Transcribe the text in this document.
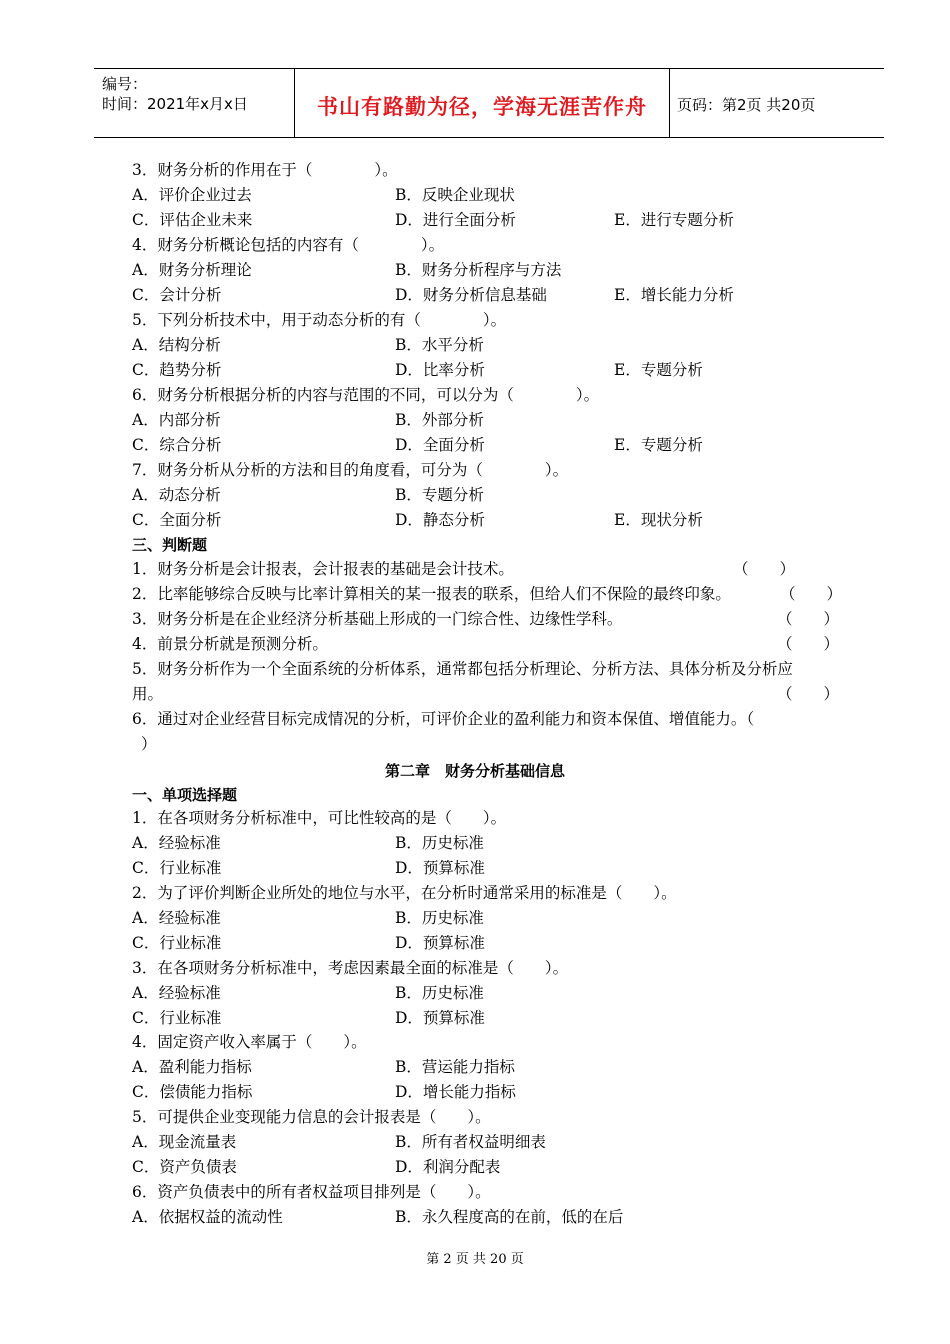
编号：
时间：2021年x月x日	书山有路勤为径，学海无涯苦作舟	页码：第2页 共20页
3．财务分析的作用在于（　　　　）。
A．评价企业过去	B．反映企业现状
C．评估企业未来	D．进行全面分析	E．进行专题分析
4．财务分析概论包括的内容有（　　　　）。
A．财务分析理论	B．财务分析程序与方法
C．会计分析	D．财务分析信息基础	E．增长能力分析
5．下列分析技术中，用于动态分析的有（　　　　）。
A．结构分析	B．水平分析
C．趋势分析	D．比率分析	E．专题分析
6．财务分析根据分析的内容与范围的不同，可以分为（　　　　）。
A．内部分析	B．外部分析
C．综合分析	D．全面分析	E．专题分析
7．财务分析从分析的方法和目的角度看，可分为（　　　　）。
A．动态分析	B．专题分析
C．全面分析	D．静态分析	E．现状分析
三、判断题
1．财务分析是会计报表，会计报表的基础是会计技术。	（　　）
2．比率能够综合反映与比率计算相关的某一报表的联系，但给人们不保险的最终印象。	（　　）
3．财务分析是在企业经济分析基础上形成的一门综合性、边缘性学科。	（　　）
4．前景分析就是预测分析。	（　　）
5．财务分析作为一个全面系统的分析体系，通常都包括分析理论、分析方法、具体分析及分析应
用。	（　　）
6．通过对企业经营目标完成情况的分析，可评价企业的盈利能力和资本保值、增值能力。（
）
第二章　财务分析基础信息
一、单项选择题
1．在各项财务分析标准中，可比性较高的是（　　）。
A．经验标准	B．历史标准
C．行业标准	D．预算标准
2．为了评价判断企业所处的地位与水平，在分析时通常采用的标准是（　　）。
A．经验标准	B．历史标准
C．行业标准	D．预算标准
3．在各项财务分析标准中，考虑因素最全面的标准是（　　）。
A．经验标准	B．历史标准
C．行业标准	D．预算标准
4．固定资产收入率属于（　　）。
A．盈利能力指标	B．营运能力指标
C．偿债能力指标	D．增长能力指标
5．可提供企业变现能力信息的会计报表是（　　）。
A．现金流量表	B．所有者权益明细表
C．资产负债表	D．利润分配表
6．资产负债表中的所有者权益项目排列是（　　）。
A．依据权益的流动性	B．永久程度高的在前，低的在后
第 2 页 共 20 页
